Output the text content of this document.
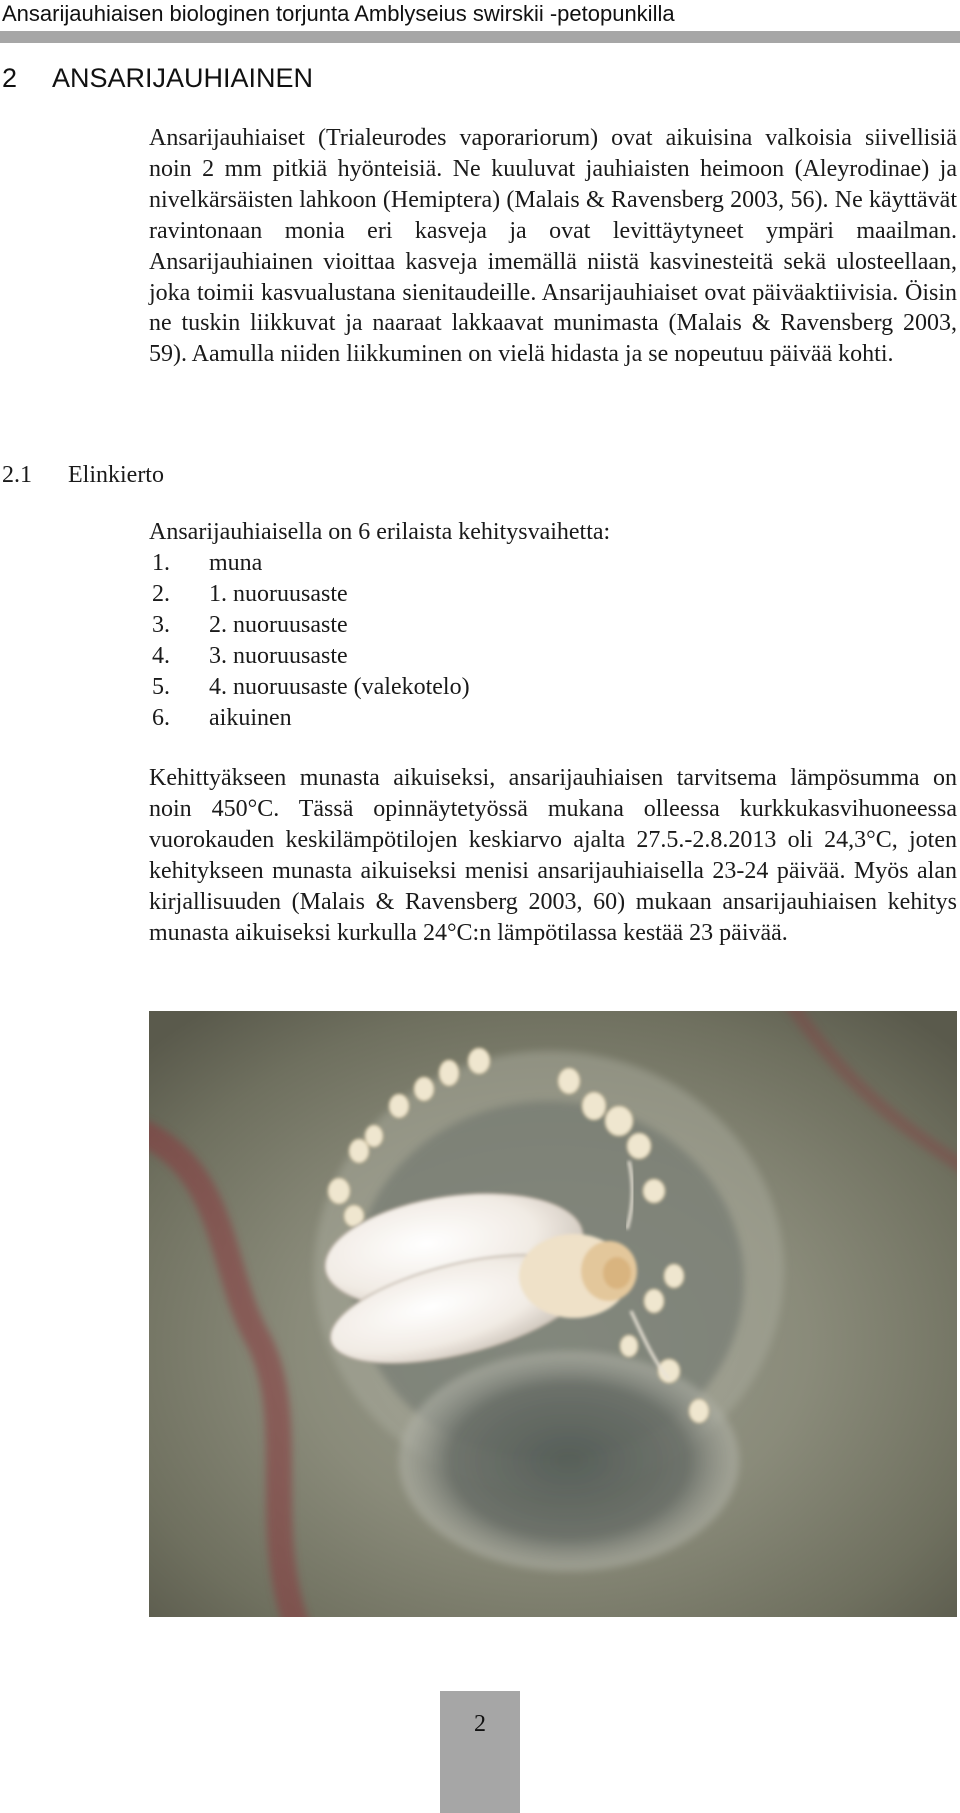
Ansarijauhiaisen biologinen torjunta Amblyseius swirskii -petopunkilla
2 ANSARIJAUHIAINEN
Ansarijauhiaiset (Trialeurodes vaporariorum) ovat aikuisina valkoisia siivellisiä noin 2 mm pitkiä hyönteisiä. Ne kuuluvat jauhiaisten heimoon (Aleyrodinae) ja nivelkärsäisten lahkoon (Hemiptera) (Malais & Ravensberg 2003, 56). Ne käyttävät ravintonaan monia eri kasveja ja ovat levittäytyneet ympäri maailman. Ansarijauhiainen vioittaa kasveja imemällä niistä kasvinesteitä sekä ulosteellaan, joka toimii kasvualustana sienitaudeille. Ansarijauhiaiset ovat päiväaktiivisia. Öisin ne tuskin liikkuvat ja naaraat lakkaavat munimasta (Malais & Ravensberg 2003, 59). Aamulla niiden liikkuminen on vielä hidasta ja se nopeutuu päivää kohti.
2.1 Elinkierto
Ansarijauhiaisella on 6 erilaista kehitysvaihetta:
1. muna
2. 1. nuoruusaste
3. 2. nuoruusaste
4. 3. nuoruusaste
5. 4. nuoruusaste (valekotelo)
6. aikuinen
Kehittyäkseen munasta aikuiseksi, ansarijauhiaisen tarvitsema lämpösumma on noin 450°C. Tässä opinnäytetyössä mukana olleessa kurkkukasvihuoneessa vuorokauden keskilämpötilojen keskiarvo ajalta 27.5.-2.8.2013 oli 24,3°C, joten kehitykseen munasta aikuiseksi menisi ansarijauhiaisella 23-24 päivää. Myös alan kirjallisuuden (Malais & Ravensberg 2003, 60) mukaan ansarijauhiaisen kehitys munasta aikuiseksi kurkulla 24°C:n lämpötilassa kestää 23 päivää.
2
